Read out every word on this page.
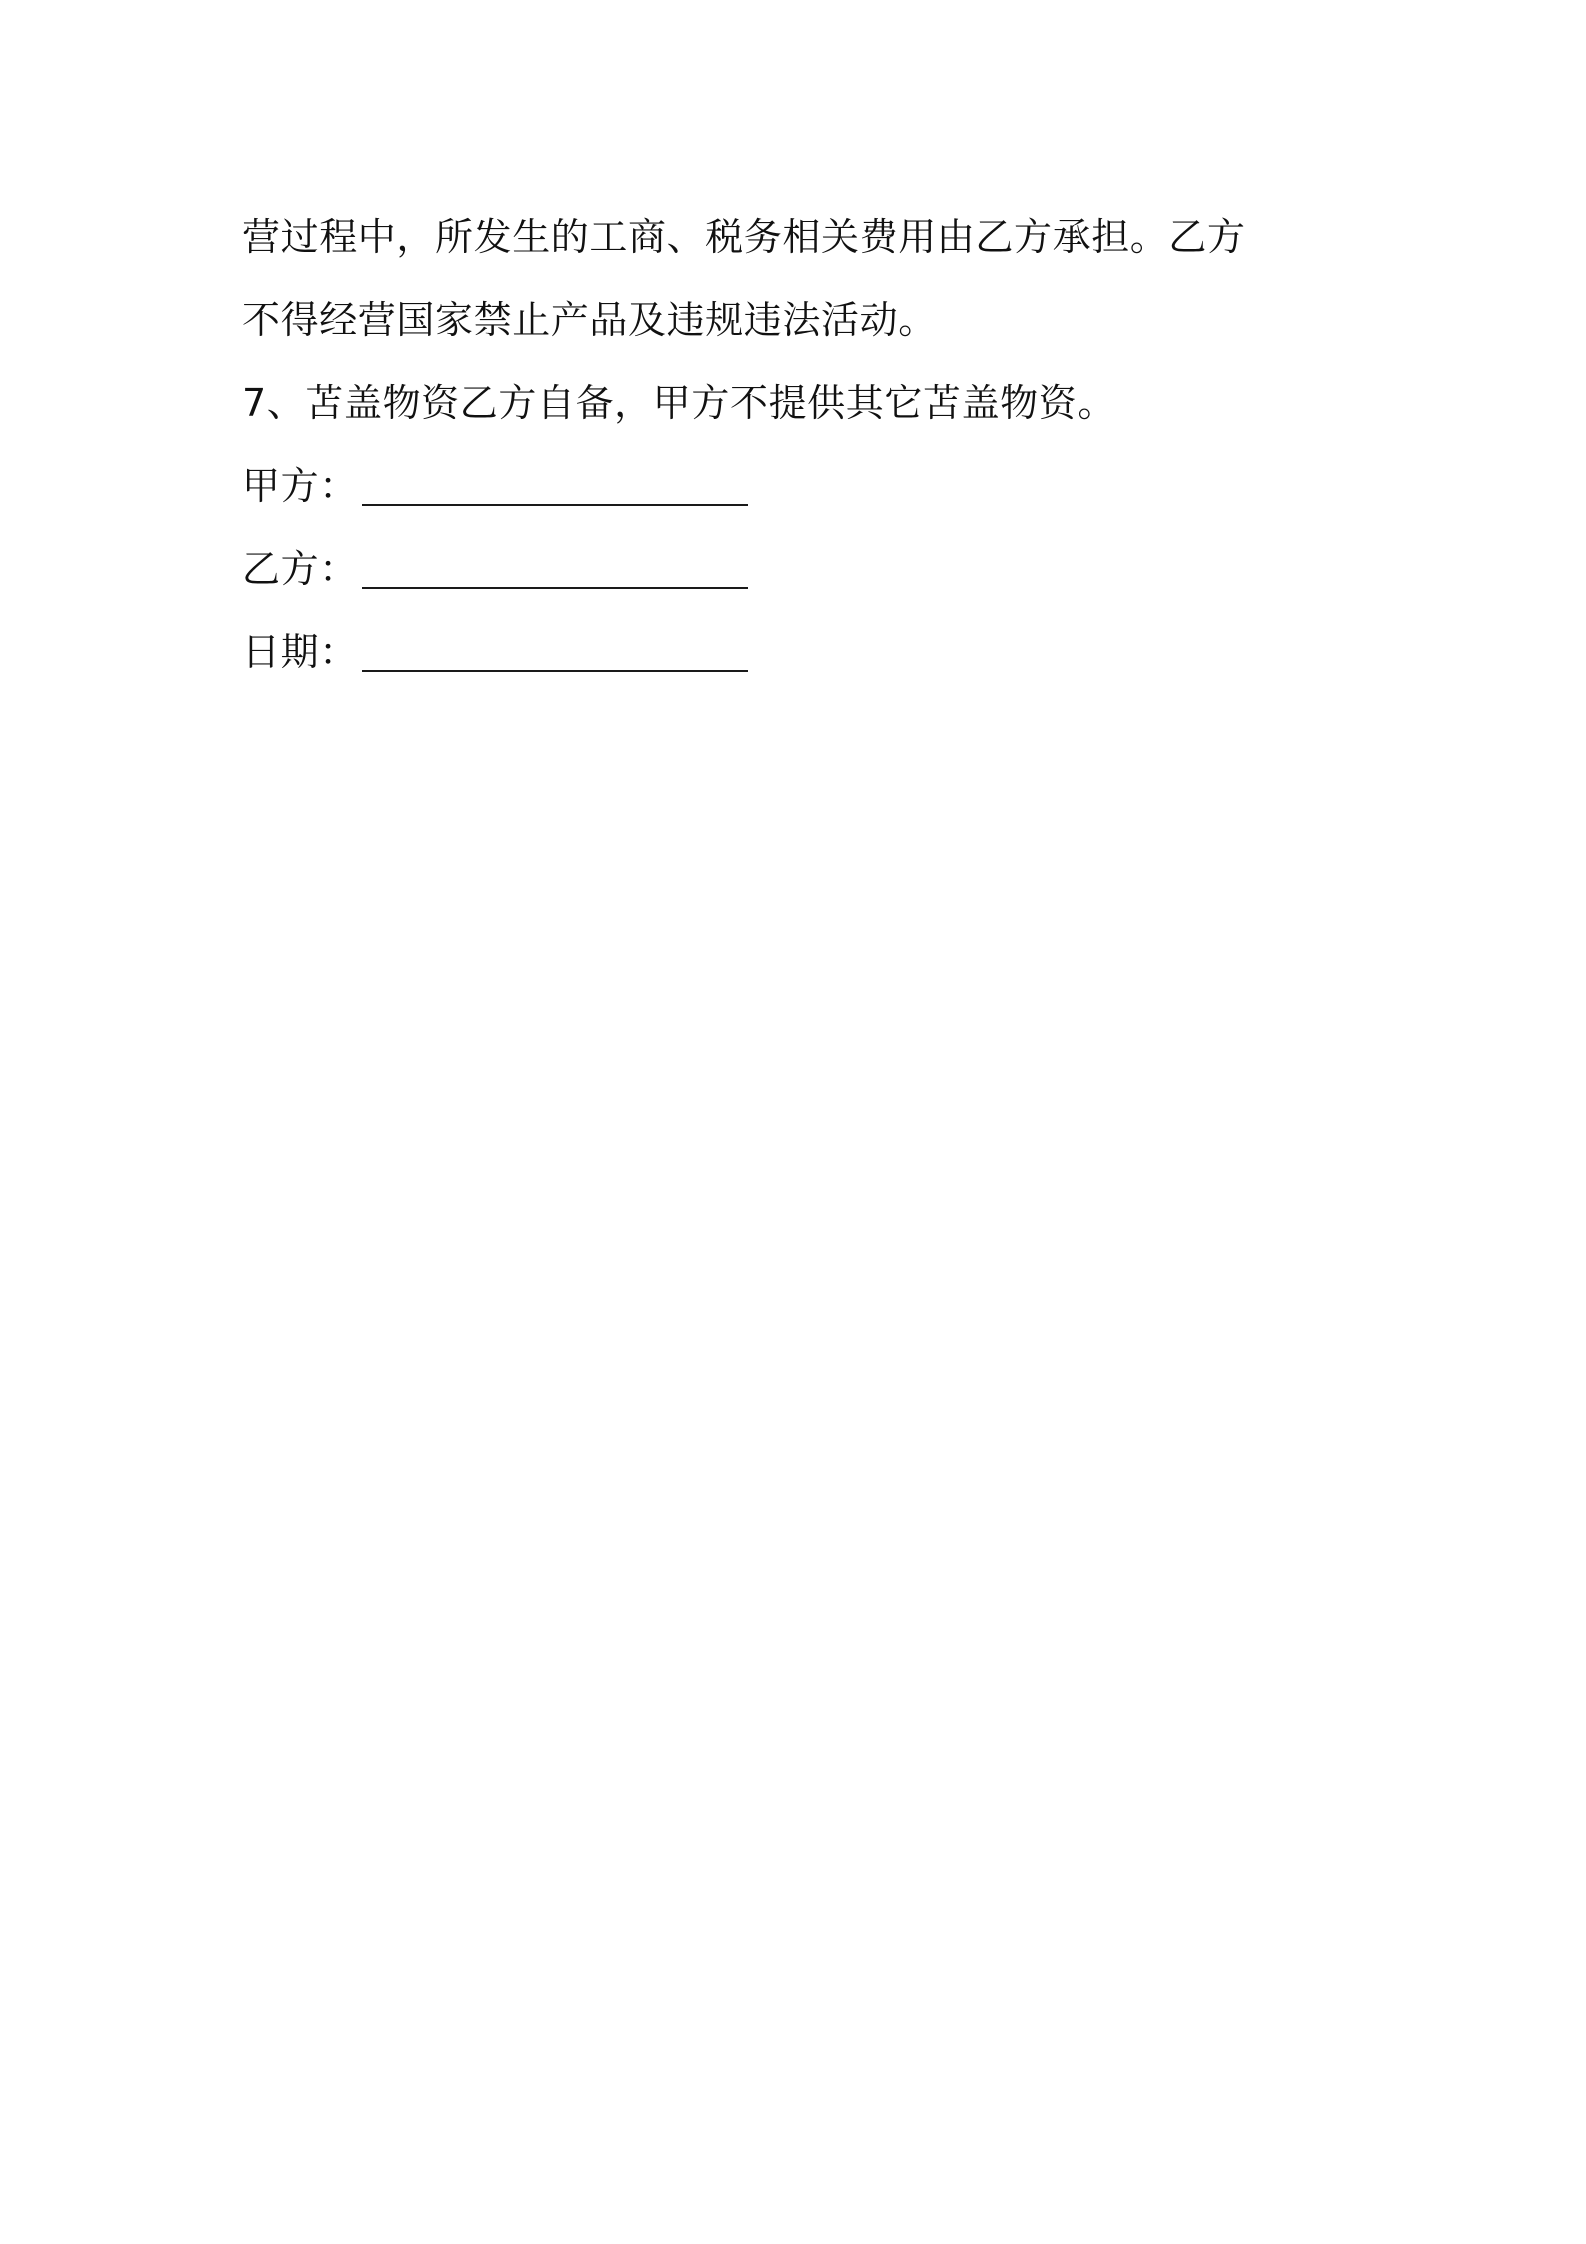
营过程中，所发生的工商、税务相关费用由乙方承担。乙方
不得经营国家禁止产品及违规违法活动。
7、苫盖物资乙方自备，甲方不提供其它苫盖物资。
甲方：
乙方：
日期：
